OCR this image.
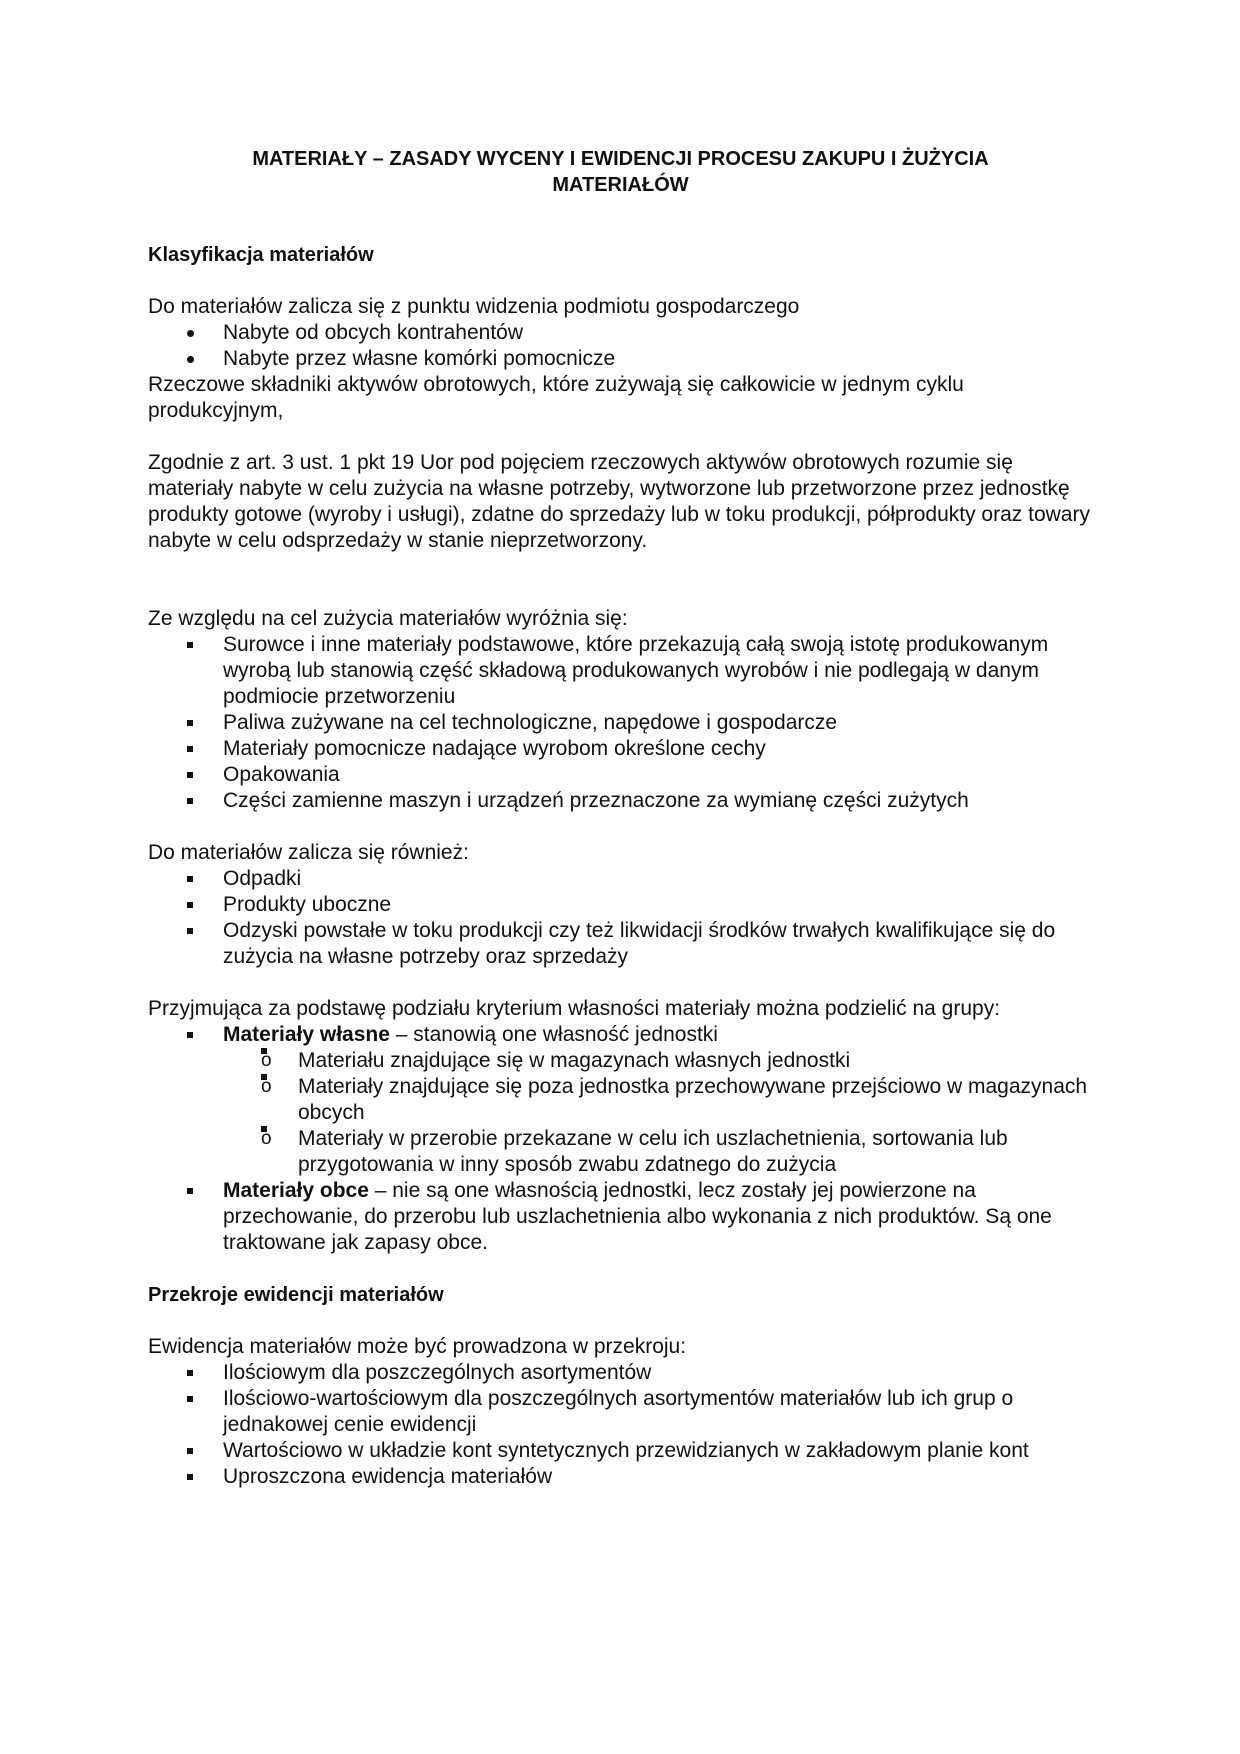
MATERIAŁY – ZASADY WYCENY I EWIDENCJI PROCESU ZAKUPU I ŻUŻYCIA
MATERIAŁÓW
Klasyfikacja materiałów

Do materiałów zalicza się z punktu widzenia podmiotu gospodarczego

Nabyte od obcych kontrahentów
Nabyte przez własne komórki pomocnicze

Rzeczowe składniki aktywów obrotowych, które zużywają się całkowicie w jednym cyklu produkcyjnym,

Zgodnie z art. 3 ust. 1 pkt 19 Uor pod pojęciem rzeczowych aktywów obrotowych rozumie się materiały nabyte w celu zużycia na własne potrzeby, wytworzone lub przetworzone przez jednostkę produkty gotowe (wyroby i usługi), zdatne do sprzedaży lub w toku produkcji, półprodukty oraz towary nabyte w celu odsprzedaży w stanie nieprzetworzony.

Ze względu na cel zużycia materiałów wyróżnia się:

Surowce i inne materiały podstawowe, które przekazują całą swoją istotę produkowanym wyrobą lub stanowią część składową produkowanych wyrobów i nie podlegają w danym podmiocie przetworzeniu
Paliwa zużywane na cel technologiczne, napędowe i gospodarcze
Materiały pomocnicze nadające wyrobom określone cechy
Opakowania
Części zamienne maszyn i urządzeń przeznaczone za wymianę części zużytych

Do materiałów zalicza się również:

Odpadki
Produkty uboczne
Odzyski powstałe w toku produkcji czy też likwidacji środków trwałych kwalifikujące się do zużycia na własne potrzeby oraz sprzedaży

Przyjmująca za podstawę podziału kryterium własności materiały można podzielić na grupy:

Materiały własne – stanowią one własność jednostki
o Materiału znajdujące się w magazynach własnych jednostki
o Materiały znajdujące się poza jednostka przechowywane przejściowo w magazynach obcych
o Materiały w przerobie przekazane w celu ich uszlachetnienia, sortowania lub przygotowania w inny sposób zwabu zdatnego do zużycia
Materiały obce – nie są one własnością jednostki, lecz zostały jej powierzone na przechowanie, do przerobu lub uszlachetnienia albo wykonania z nich produktów. Są one traktowane jak zapasy obce.
Przekroje ewidencji materiałów

Ewidencja materiałów może być prowadzona w przekroju:

Ilościowym dla poszczególnych asortymentów
Ilościowo-wartościowym dla poszczególnych asortymentów materiałów lub ich grup o jednakowej cenie ewidencji
Wartościowo w układzie kont syntetycznych przewidzianych w zakładowym planie kont
Uproszczona ewidencja materiałów
